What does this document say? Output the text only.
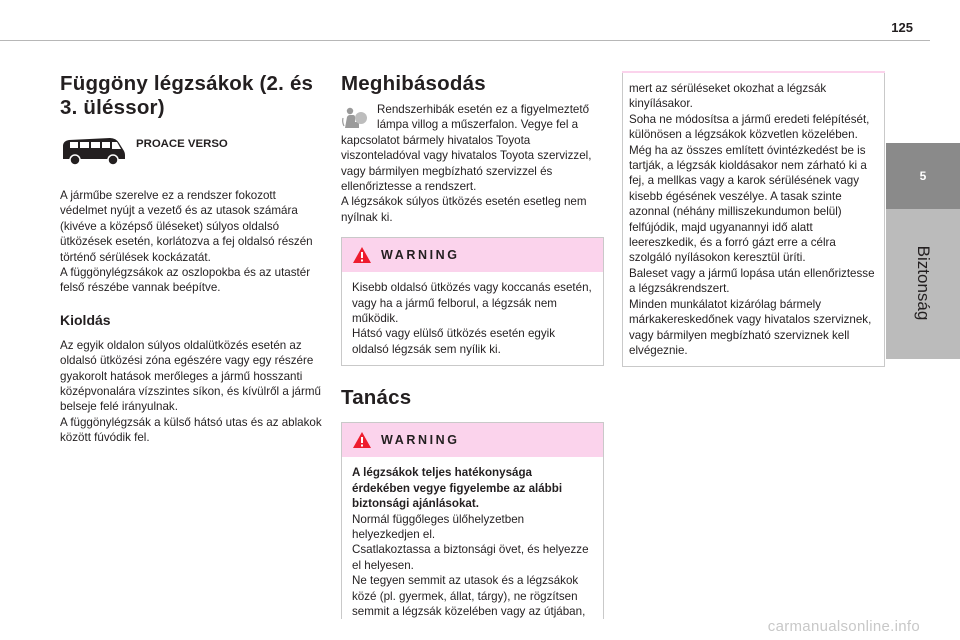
125
5
Biztonság
Függöny légzsákok (2. és 3. üléssor)
PROACE VERSO

A járműbe szerelve ez a rendszer fokozott védelmet nyújt a vezető és az utasok számára (kivéve a középső üléseket) súlyos oldalsó ütközések esetén, korlátozva a fej oldalsó részén történő sérülések kockázatát.
A függönylégzsákok az oszlopokba és az utastér felső részébe vannak beépítve.

Kioldás

Az egyik oldalon súlyos oldalütközés esetén az oldalsó ütközési zóna egészére vagy egy részére gyakorolt hatások merőleges a jármű hosszanti középvonalára vízszintes síkon, és kívülről a jármű belseje felé irányulnak.
A függönylégzsák a külső hátsó utas és az ablakok között fúvódik fel.

Meghibásodás

Rendszerhibák esetén ez a figyelmeztető lámpa villog a műszerfalon. Vegye fel a kapcsolatot bármely hivatalos Toyota viszonteladóval vagy hivatalos Toyota szervizzel, vagy bármilyen megbízható szervizzel és ellenőriztesse a rendszert.
A légzsákok súlyos ütközés esetén esetleg nem nyílnak ki.

WARNING

Kisebb oldalsó ütközés vagy koccanás esetén, vagy ha a jármű felborul, a légzsák nem működik.
Hátsó vagy elülső ütközés esetén egyik oldalsó légzsák sem nyílik ki.

Tanács
WARNING

A légzsákok teljes hatékonysága érdekében vegye figyelembe az alábbi biztonsági ajánlásokat.

Normál függőleges ülőhelyzetben helyezkedjen el.
Csatlakoztassa a biztonsági övet, és helyezze el helyesen.
Ne tegyen semmit az utasok és a légzsákok közé (pl. gyermek, állat, tárgy), ne rögzítsen semmit a légzsák közelében vagy az útjában,

mert az sérüléseket okozhat a légzsák kinyílásakor.
Soha ne módosítsa a jármű eredeti felépítését, különösen a légzsákok közvetlen közelében.
Még ha az összes említett óvintézkedést be is tartják, a légzsák kioldásakor nem zárható ki a fej, a mellkas vagy a karok sérülésének vagy kisebb égésének veszélye. A tasak szinte azonnal (néhány milliszekundumon belül) felfújódik, majd ugyanannyi idő alatt leereszkedik, és a forró gázt erre a célra szolgáló nyílásokon keresztül üríti.
Baleset vagy a jármű lopása után ellenőriztesse a légzsákrendszert.
Minden munkálatot kizárólag bármely márkakereskedőnek vagy hivatalos szerviznek, vagy bármilyen megbízható szerviznek kell elvégeznie.

carmanualsonline.info
